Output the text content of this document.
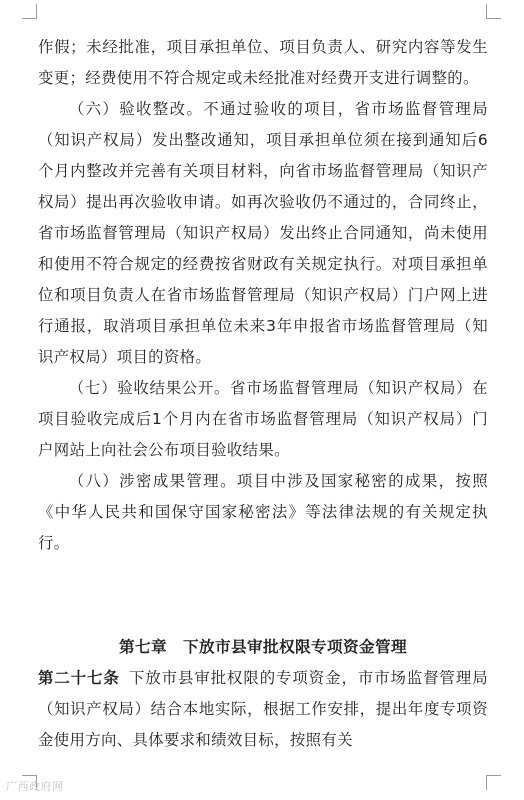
作假；未经批准，项目承担单位、项目负责人、研究内容等发生变更；经费使用不符合规定或未经批准对经费开支进行调整的。

（六）验收整改。不通过验收的项目，省市场监督管理局（知识产权局）发出整改通知，项目承担单位须在接到通知后6个月内整改并完善有关项目材料，向省市场监督管理局（知识产权局）提出再次验收申请。如再次验收仍不通过的，合同终止，省市场监督管理局（知识产权局）发出终止合同通知，尚未使用和使用不符合规定的经费按省财政有关规定执行。对项目承担单位和项目负责人在省市场监督管理局（知识产权局）门户网上进行通报，取消项目承担单位未来3年申报省市场监督管理局（知识产权局）项目的资格。

（七）验收结果公开。省市场监督管理局（知识产权局）在项目验收完成后1个月内在省市场监督管理局（知识产权局）门户网站上向社会公布项目验收结果。

（八）涉密成果管理。项目中涉及国家秘密的成果，按照《中华人民共和国保守国家秘密法》等法律法规的有关规定执行。

第七章　下放市县审批权限专项资金管理

第二十七条 下放市县审批权限的专项资金，市市场监督管理局（知识产权局）结合本地实际，根据工作安排，提出年度专项资金使用方向、具体要求和绩效目标，按照有关

广西政府网
